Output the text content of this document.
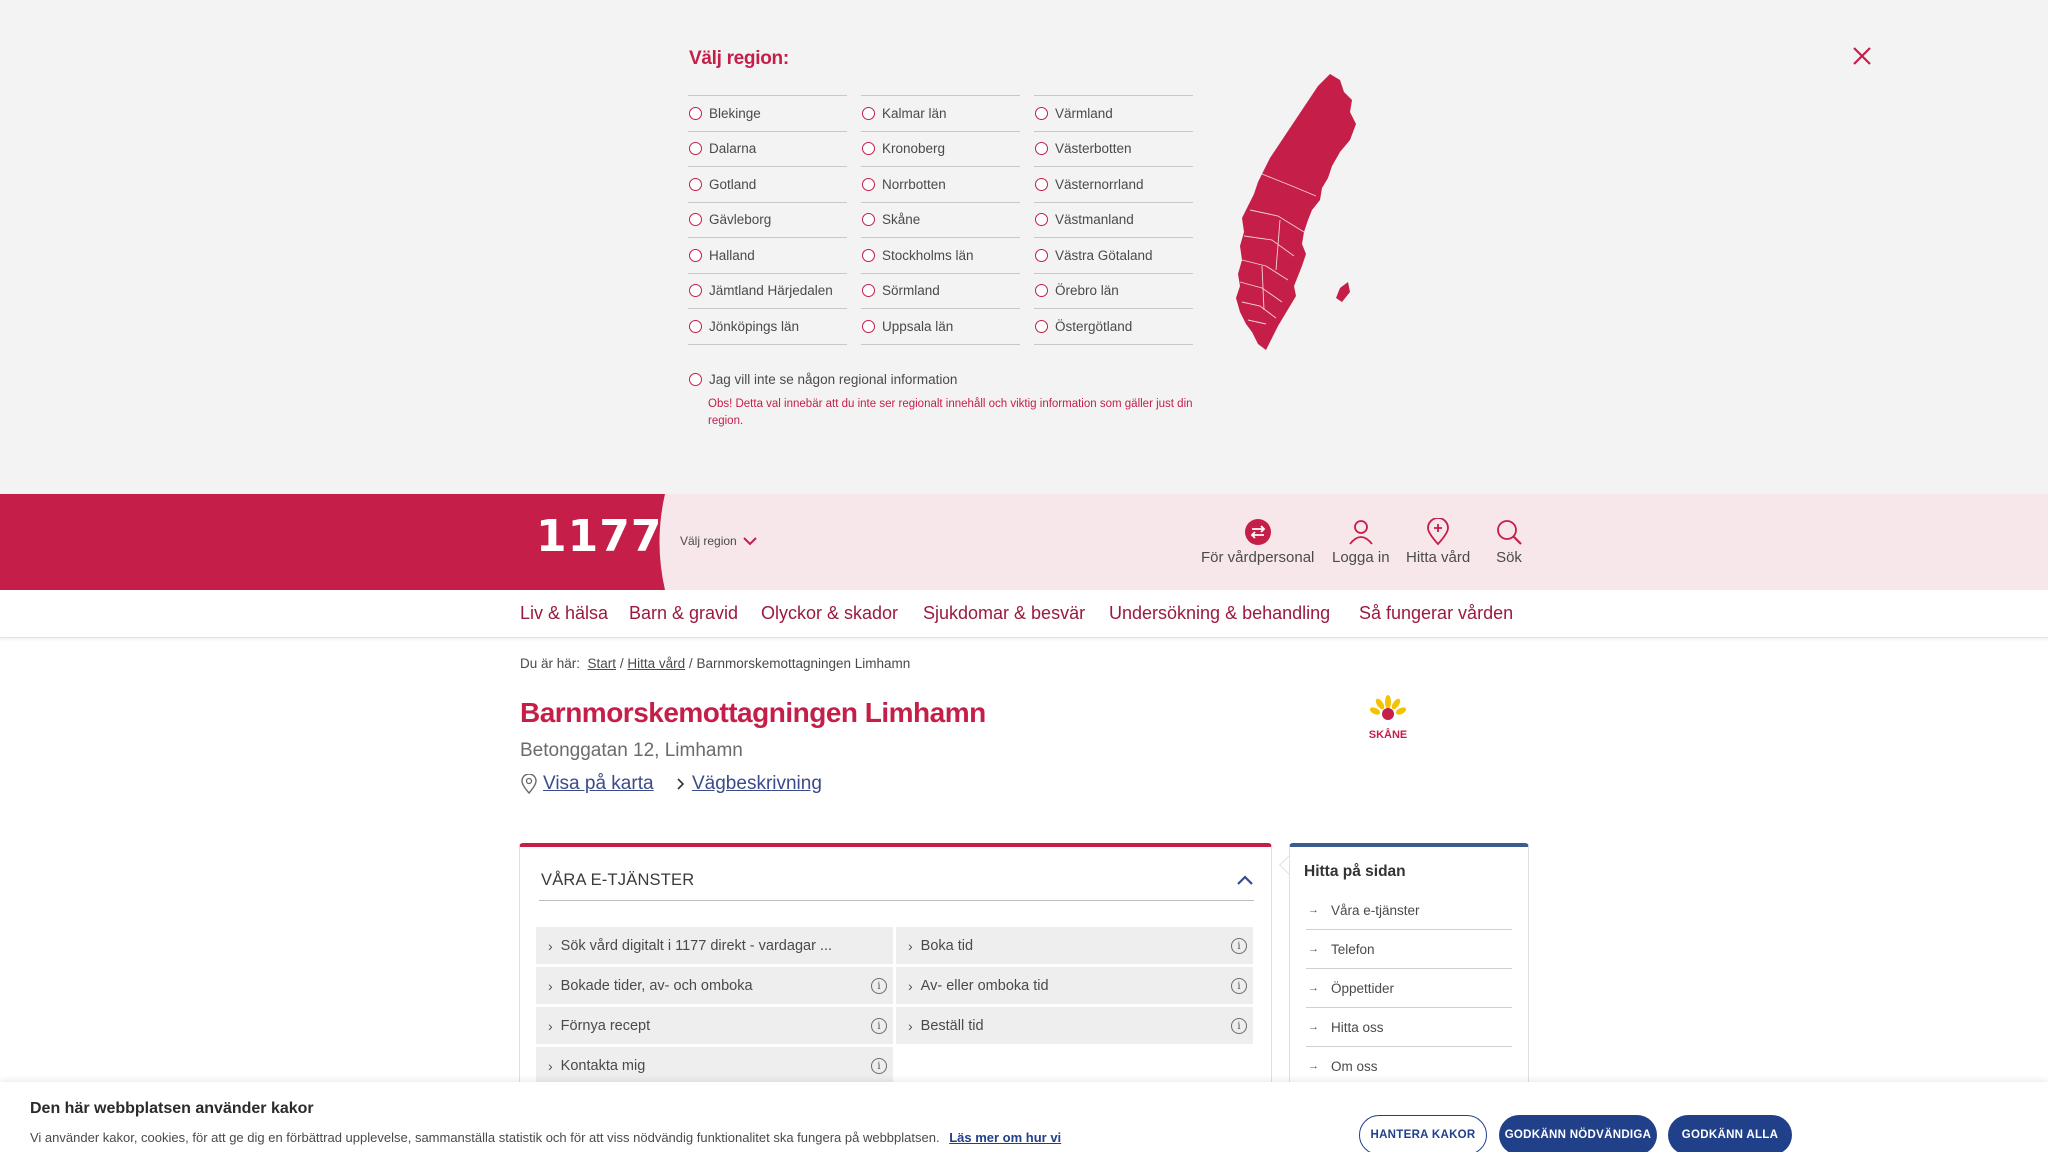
Välj region:
Blekinge
Dalarna
Gotland
Gävleborg
Halland
Jämtland Härjedalen
Jönköpings län
Kalmar län
Kronoberg
Norrbotten
Skåne
Stockholms län
Sörmland
Uppsala län
Värmland
Västerbotten
Västernorrland
Västmanland
Västra Götaland
Örebro län
Östergötland
Jag vill inte se någon regional information
Obs! Detta val innebär att du inte ser regionalt innehåll och viktig information som gäller just din region.
1177 Välj region
För vårdpersonal Logga in Hitta vård Sök
Liv & hälsa Barn & gravid Olyckor & skador Sjukdomar & besvär Undersökning & behandling Så fungerar vården
Du är här: Start / Hitta vård / Barnmorskemottagningen Limhamn
Barnmorskemottagningen Limhamn
Betonggatan 12, Limhamn
Visa på karta Vägbeskrivning
SKÅNE
VÅRA E-TJÄNSTER
› Sök vård digitalt i 1177 direkt - vardagar ...
› Bokade tider, av- och omboka	i
› Förnya recept	i
› Kontakta mig	i
› Boka tid	i
› Av- eller omboka tid	i
› Beställ tid	i
Hitta på sidan
→ Våra e-tjänster
→ Telefon
→ Öppettider
→ Hitta oss
→ Om oss
Den här webbplatsen använder kakor
Vi använder kakor, cookies, för att ge dig en förbättrad upplevelse, sammanställa statistik och för att viss nödvändig funktionalitet ska fungera på webbplatsen. Läs mer om hur vi	HANTERA KAKOR	GODKÄNN NÖDVÄNDIGA	GODKÄNN ALLA
